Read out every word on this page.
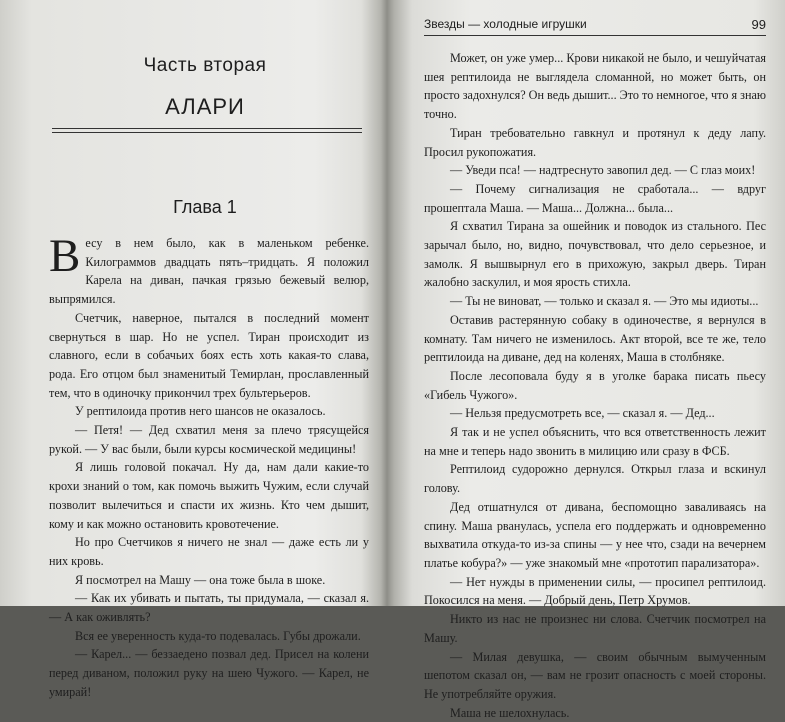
Часть вторая
АЛАРИ
Глава 1

Весу в нем было, как в маленьком ребенке. Килограммов двадцать пять–тридцать. Я положил Карела на диван, пачкая грязью бежевый велюр, выпрямился.

Счетчик, наверное, пытался в последний момент свернуться в шар. Но не успел. Тиран происходит из славного, если в собачьих боях есть хоть какая-то слава, рода. Его отцом был знаменитый Темирлан, прославленный тем, что в одиночку прикончил трех бультерьеров.

У рептилоида против него шансов не оказалось.

— Петя! — Дед схватил меня за плечо трясущейся рукой. — У вас были, были курсы космической медицины!

Я лишь головой покачал. Ну да, нам дали какие-то крохи знаний о том, как помочь выжить Чужим, если случай позволит вылечиться и спасти их жизнь. Кто чем дышит, кому и как можно остановить кровотечение.

Но про Счетчиков я ничего не знал — даже есть ли у них кровь.

Я посмотрел на Машу — она тоже была в шоке.

— Как их убивать и пытать, ты придумала, — сказал я. — А как оживлять?

Вся ее уверенность куда-то подевалась. Губы дрожали.

— Карел... — беззаедено позвал дед. Присел на колени перед диваном, положил руку на шею Чужого. — Карел, не умирай!

Звезды — холодные игрушки	99

Может, он уже умер... Крови никакой не было, и чешуйчатая шея рептилоида не выглядела сломанной, но может быть, он просто задохнулся? Он ведь дышит... Это то немногое, что я знаю точно.

Тиран требовательно гавкнул и протянул к деду лапу. Просил рукопожатия.

— Уведи пса! — надтреснуто завопил дед. — С глаз моих!

— Почему сигнализация не сработала... — вдруг прошептала Маша. — Маша... Должна... была...

Я схватил Тирана за ошейник и поводок из стального. Пес зарычал было, но, видно, почувствовал, что дело серьезное, и замолк. Я вышвырнул его в прихожую, закрыл дверь. Тиран жалобно заскулил, и моя ярость стихла.

— Ты не виноват, — только и сказал я. — Это мы идиоты...

Оставив растерянную собаку в одиночестве, я вернулся в комнату. Там ничего не изменилось. Акт второй, все те же, тело рептилоида на диване, дед на коленях, Маша в столбняке.

После лесоповала буду я в уголке барака писать пьесу «Гибель Чужого».

— Нельзя предусмотреть все, — сказал я. — Дед...

Я так и не успел объяснить, что вся ответственность лежит на мне и теперь надо звонить в милицию или сразу в ФСБ.

Рептилоид судорожно дернулся. Открыл глаза и вскинул голову.

Дед отшатнулся от дивана, беспомощно заваливаясь на спину. Маша рванулась, успела его поддержать и одновременно выхватила откуда-то из-за спины — у нее что, сзади на вечернем платье кобура?» — уже знакомый мне «прототип парализатора».

— Нет нужды в применении силы, — просипел рептилоид. Покосился на меня. — Добрый день, Петр Хрумов.

Никто из нас не произнес ни слова. Счетчик посмотрел на Машу.

— Милая девушка, — своим обычным вымученным шепотом сказал он, — вам не грозит опасность с моей стороны. Не употребляйте оружия.

Маша не шелохнулась.
